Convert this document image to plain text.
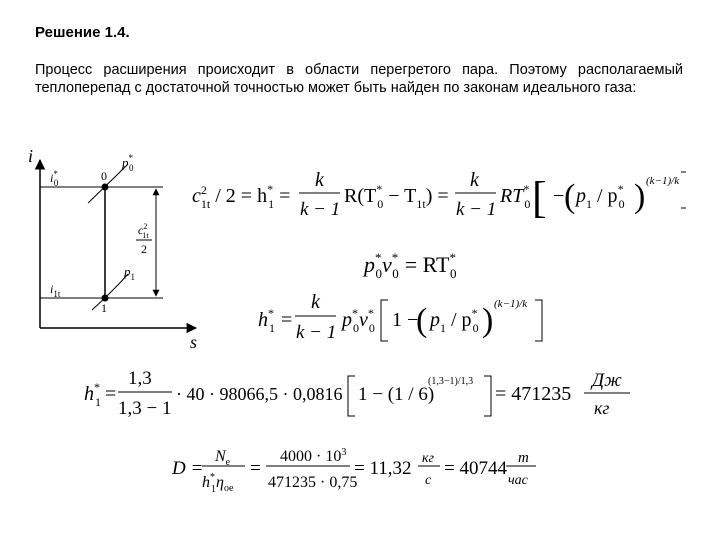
Решение 1.4.
Процесс расширения происходит в области перегретого пара. Поэтому располагаемый теплоперепад с достаточной точностью может быть найден по законам идеального газа:
i
s
i* 0
$i_{1t}$
p* 0
$p_1$
0
1
$c^2$ 1t
2
$c^2$ 1t / 2 = h* 1 =
k
k − 1
R(T* $0 - T_{1t}$) =
k
k − 1
RT* 0 [ − ( $p_1 / p^*$ 0 ) (k−1)/k
p* 0v* 0 = RT* 0
h* 1 =
k
k − 1
p* 0v* 0 1 −
( $p_1 / p^*$ 0 ) (k−1)/k
h* 1 =
1,3
1,3 − 1
· 40 · 98066,5 · 0,0816 1 − (1 / 6)
(1,3−1)/1,3
= 471235
Дж
кг
D =
$N_e$
h* $1\eta_{oe}$
=
$4000 \cdot 10^3$
471235 · 0,75
= 11,32 кг
с
= 40744 т
час
